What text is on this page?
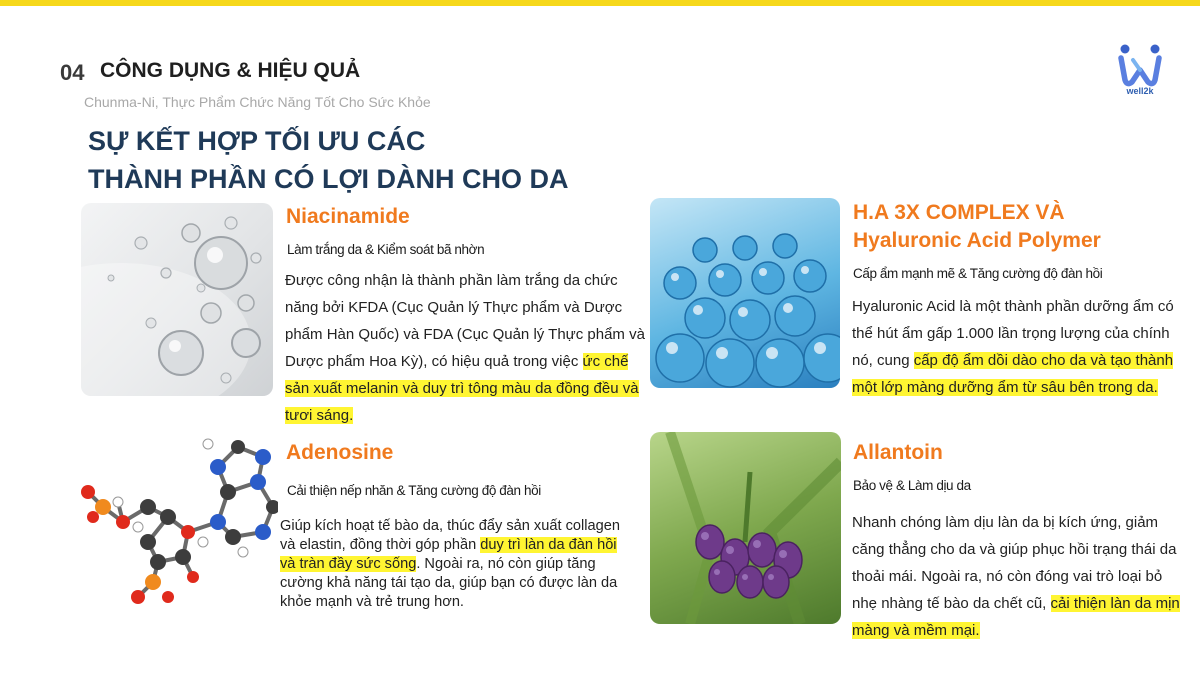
04 CÔNG DỤNG & HIỆU QUẢ
Chunma-Ni, Thực Phẩm Chức Năng Tốt Cho Sức Khỏe
SỰ KẾT HỢP TỐI ƯU CÁC
THÀNH PHẦN CÓ LỢI DÀNH CHO DA
well2k
Niacinamide
Làm trắng da & Kiểm soát bã nhờn
Được công nhận là thành phần làm trắng da chức năng bởi KFDA (Cục Quản lý Thực phẩm và Dược phẩm Hàn Quốc) và FDA (Cục Quản lý Thực phẩm và Dược phẩm Hoa Kỳ), có hiệu quả trong việc ức chế sản xuất melanin và duy trì tông màu da đồng đều và tươi sáng.
H.A 3X COMPLEX VÀ
Hyaluronic Acid Polymer
Cấp ẩm mạnh mẽ & Tăng cường độ đàn hồi
Hyaluronic Acid là một thành phần dưỡng ẩm có thể hút ẩm gấp 1.000 lần trọng lượng của chính nó, cung cấp độ ẩm dồi dào cho da và tạo thành một lớp màng dưỡng ẩm từ sâu bên trong da.
Adenosine
Cải thiện nếp nhăn & Tăng cường độ đàn hồi
Giúp kích hoạt tế bào da, thúc đẩy sản xuất collagen và elastin, đồng thời góp phần duy trì làn da đàn hồi và tràn đầy sức sống. Ngoài ra, nó còn giúp tăng cường khả năng tái tạo da, giúp bạn có được làn da khỏe mạnh và trẻ trung hơn.
Allantoin
Bảo vệ & Làm dịu da
Nhanh chóng làm dịu làn da bị kích ứng, giảm căng thẳng cho da và giúp phục hồi trạng thái da thoải mái. Ngoài ra, nó còn đóng vai trò loại bỏ nhẹ nhàng tế bào da chết cũ, cải thiện làn da mịn màng và mềm mại.
